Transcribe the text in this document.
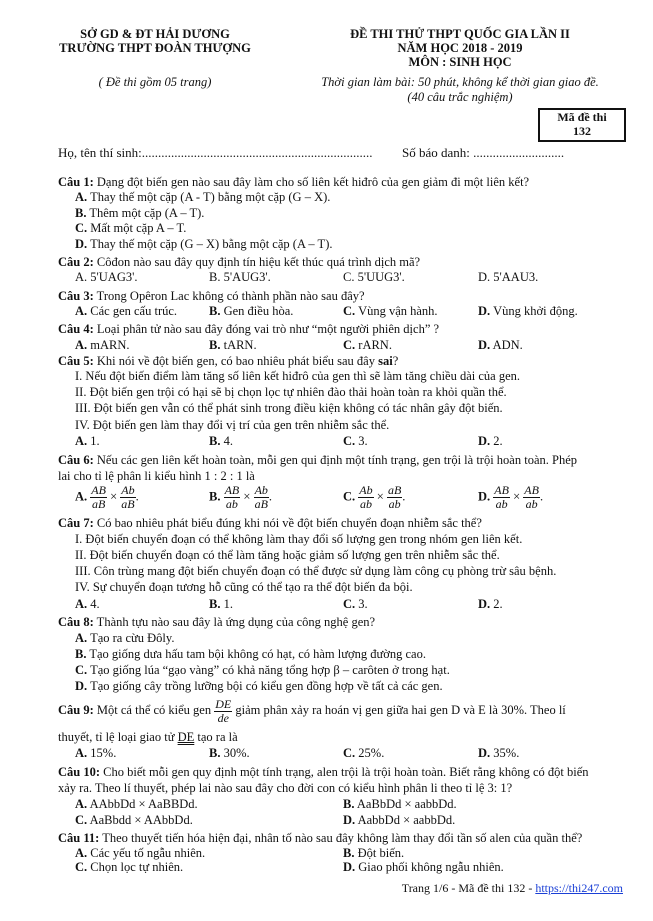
SỞ GD & ĐT HẢI DƯƠNG
TRƯỜNG THPT ĐOÀN THƯỢNG
( Đề thi gồm 05 trang)
ĐỀ THI THỬ THPT QUỐC GIA LẦN II
NĂM HỌC 2018 - 2019
MÔN : SINH HỌC
Thời gian làm bài: 50 phút, không kể thời gian giao đề.
(40 câu trắc nghiệm)
Mã đề thi
132
Họ, tên thí sinh:....................................................................... Số báo danh: ............................
Câu 1: Dạng đột biến gen nào sau đây làm cho số liên kết hiđrô của gen giảm đi một liên kết?
A. Thay thế một cặp (A - T) bằng một cặp (G – X).
B. Thêm một cặp (A – T).
C. Mất một cặp A – T.
D. Thay thế một cặp (G – X) bằng một cặp (A – T).
Câu 2: Côđon nào sau đây quy định tín hiệu kết thúc quá trình dịch mã?
A. 5'UAG3'.	B. 5'AUG3'.	C. 5'UUG3'.	D. 5'AAU3.
Câu 3: Trong Opêron Lac không có thành phần nào sau đây?
A. Các gen cấu trúc.	B. Gen điều hòa.	C. Vùng vận hành.	D. Vùng khởi động.
Câu 4: Loại phân tử nào sau đây đóng vai trò như “một người phiên dịch” ?
A. mARN.	B. tARN.	C. rARN.	D. ADN.
Câu 5: Khi nói về đột biến gen, có bao nhiêu phát biểu sau đây sai?
I. Nếu đột biến điểm làm tăng số liên kết hiđrô của gen thì sẽ làm tăng chiều dài của gen.
II. Đột biến gen trội có hại sẽ bị chọn lọc tự nhiên đào thải hoàn toàn ra khỏi quần thể.
III. Đột biến gen vẫn có thể phát sinh trong điều kiện không có tác nhân gây đột biến.
IV. Đột biến gen làm thay đổi vị trí của gen trên nhiễm sắc thể.
A. 1.	B. 4.	C. 3.	D. 2.
Câu 6: Nếu các gen liên kết hoàn toàn, mỗi gen qui định một tính trạng, gen trội là trội hoàn toàn. Phép
lai cho tỉ lệ phân li kiểu hình 1 : 2 : 1 là
A. $\frac{AB}{aB} \times \frac{Ab}{aB}$ .	B. $\frac{AB}{ab} \times \frac{Ab}{aB}$ .	C. $\frac{Ab}{ab} \times \frac{aB}{ab}$ .	D. $\frac{AB}{ab} \times \frac{AB}{ab}$ .
Câu 7: Có bao nhiêu phát biểu đúng khi nói về đột biến chuyển đoạn nhiễm sắc thể?
I. Đột biến chuyển đoạn có thể không làm thay đổi số lượng gen trong nhóm gen liên kết.
II. Đột biến chuyển đoạn có thể làm tăng hoặc giảm số lượng gen trên nhiễm sắc thể.
III. Côn trùng mang đột biến chuyển đoạn có thể được sử dụng làm công cụ phòng trừ sâu bệnh.
IV. Sự chuyển đoạn tương hỗ cũng có thể tạo ra thể đột biến đa bội.
A. 4.	B. 1.	C. 3.	D. 2.
Câu 8: Thành tựu nào sau đây là ứng dụng của công nghệ gen?
A. Tạo ra cừu Đôly.
B. Tạo giống dưa hấu tam bội không có hạt, có hàm lượng đường cao.
C. Tạo giống lúa “gạo vàng” có khả năng tổng hợp β – carôten ở trong hạt.
D. Tạo giống cây trồng lưỡng bội có kiểu gen đồng hợp về tất cả các gen.
Câu 9: Một cá thể có kiểu gen $\frac{DE}{de}$ giảm phân xảy ra hoán vị gen giữa hai gen D và E là 30%. Theo lí
thuyết, tỉ lệ loại giao tử DE tạo ra là
A. 15%.	B. 30%.	C. 25%.	D. 35%.
Câu 10: Cho biết mỗi gen quy định một tính trạng, alen trội là trội hoàn toàn. Biết rằng không có đột biến
xảy ra. Theo lí thuyết, phép lai nào sau đây cho đời con có kiểu hình phân li theo tỉ lệ 3: 1?
A. AAbbDd × AaBBDd.	B. AaBbDd × aabbDd.
C. AaBbdd × AAbbDd.	D. AabbDd × aabbDd.
Câu 11: Theo thuyết tiến hóa hiện đại, nhân tố nào sau đây không làm thay đổi tần số alen của quần thể?
A. Các yếu tố ngẫu nhiên.	B. Đột biến.
C. Chọn lọc tự nhiên.	D. Giao phối không ngẫu nhiên.
Trang 1/6 - Mã đề thi 132 - https://thi247.com
